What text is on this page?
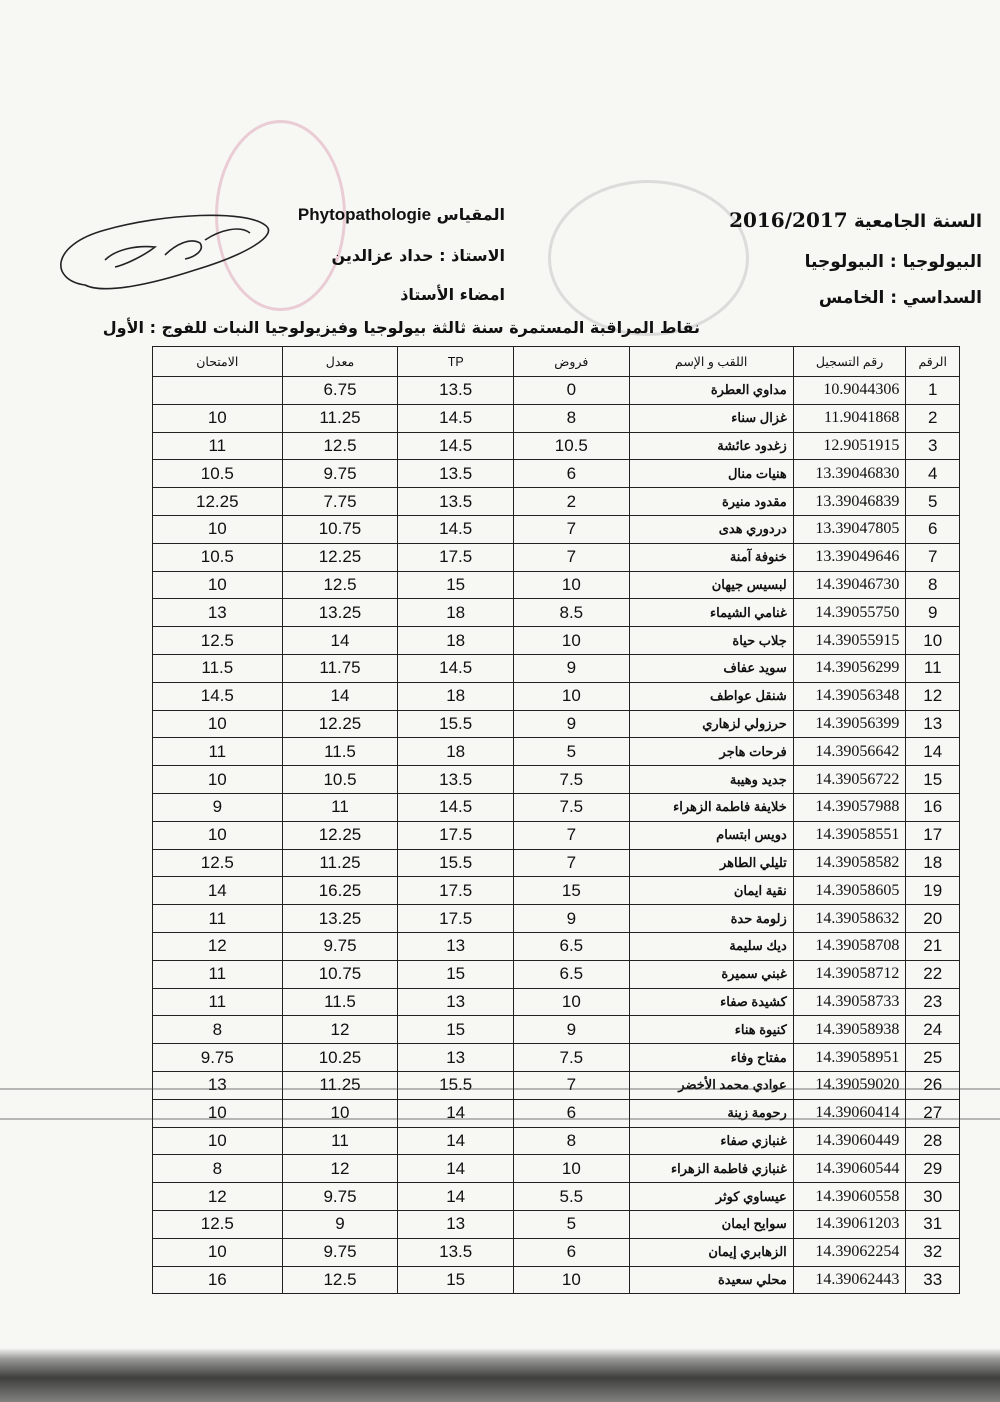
السنة الجامعية 2016/2017
البيولوجيا : البيولوجيا
السداسي : الخامس
المقياس Phytopathologie
الاستاذ : حداد عزالدين
امضاء الأستاذ
نقاط المراقبة المستمرة سنة ثالثة بيولوجيا وفيزيولوجيا النبات للفوج : الأول
الرقم	رقم التسجيل	اللقب و الإسم	فروض	TP	معدل	الامتحان
1	10.9044306	مداوي العطرة	0	13.5	6.75	
2	11.9041868	غزال سناء	8	14.5	11.25	10
3	12.9051915	زغدود عائشة	10.5	14.5	12.5	11
4	13.39046830	هنيات منال	6	13.5	9.75	10.5
5	13.39046839	مقدود منيرة	2	13.5	7.75	12.25
6	13.39047805	دردوري هدى	7	14.5	10.75	10
7	13.39049646	خنوفة آمنة	7	17.5	12.25	10.5
8	14.39046730	لبسيس جيهان	10	15	12.5	10
9	14.39055750	غنامي الشيماء	8.5	18	13.25	13
10	14.39055915	جلاب حياة	10	18	14	12.5
11	14.39056299	سويد عفاف	9	14.5	11.75	11.5
12	14.39056348	شنقل عواطف	10	18	14	14.5
13	14.39056399	حرزولي لزهاري	9	15.5	12.25	10
14	14.39056642	فرحات هاجر	5	18	11.5	11
15	14.39056722	جديد وهيبة	7.5	13.5	10.5	10
16	14.39057988	خلايفة فاطمة الزهراء	7.5	14.5	11	9
17	14.39058551	دويس ابتسام	7	17.5	12.25	10
18	14.39058582	تليلي الطاهر	7	15.5	11.25	12.5
19	14.39058605	نقية ايمان	15	17.5	16.25	14
20	14.39058632	زلومة حدة	9	17.5	13.25	11
21	14.39058708	ديك سليمة	6.5	13	9.75	12
22	14.39058712	غبني سميرة	6.5	15	10.75	11
23	14.39058733	كشيدة صفاء	10	13	11.5	11
24	14.39058938	كنيوة هناء	9	15	12	8
25	14.39058951	مفتاح وفاء	7.5	13	10.25	9.75
26	14.39059020	عوادي محمد الأخضر	7	15.5	11.25	13
27	14.39060414	رحومة زينة	6	14	10	10
28	14.39060449	غنبازي صفاء	8	14	11	10
29	14.39060544	غنبازي فاطمة الزهراء	10	14	12	8
30	14.39060558	عيساوي كوثر	5.5	14	9.75	12
31	14.39061203	سوايح ايمان	5	13	9	12.5
32	14.39062254	الزهابري إيمان	6	13.5	9.75	10
33	14.39062443	محلي سعيدة	10	15	12.5	16
